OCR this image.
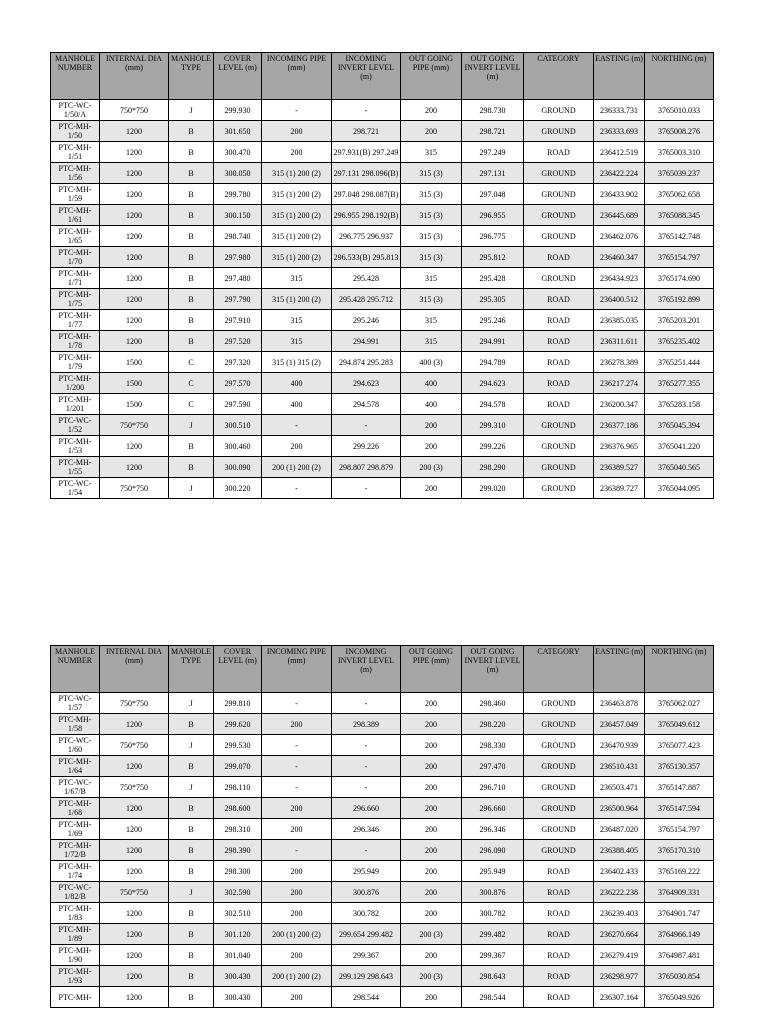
MANHOLE NUMBER	INTERNAL DIA (mm)	MANHOLE TYPE	COVER LEVEL (m)	INCOMING PIPE (mm)	INCOMING INVERT LEVEL (m)	OUT GOING PIPE (mm)	OUT GOING INVERT LEVEL (m)	CATEGORY	EASTING (m)	NORTHING (m)
PTC-WC-1/50/A	750*750	J	299.930	-	-	200	298.730	GROUND	236333.731	3765010.033
PTC-MH-1/50	1200	B	301.650	200	298.721	200	298.721	GROUND	236333.693	3765008.276
PTC-MH-1/51	1200	B	300.470	200	297.931(B) 297.249	315	297.249	ROAD	236412.519	3765003.310
PTC-MH-1/56	1200	B	300.050	315 (1) 200 (2)	297.131 298.096(B)	315 (3)	297.131	GROUND	236422.224	3765039.237
PTC-MH-1/59	1200	B	299.780	315 (1) 200 (2)	297.048 298.087(B)	315 (3)	297.048	GROUND	236433.902	3765062.658
PTC-MH-1/61	1200	B	300.150	315 (1) 200 (2)	296.955 298.192(B)	315 (3)	296.955	GROUND	236445.689	3765088.345
PTC-MH-1/65	1200	B	298.740	315 (1) 200 (2)	296.775 296.937	315 (3)	296.775	GROUND	236462.076	3765142.748
PTC-MH-1/70	1200	B	297.980	315 (1) 200 (2)	296.533(B) 295.813	315 (3)	295.812	ROAD	236460.347	3765154.797
PTC-MH-1/71	1200	B	297.480	315	295.428	315	295.428	GROUND	236434.923	3765174.690
PTC-MH-1/75	1200	B	297.790	315 (1) 200 (2)	295.428 295.712	315 (3)	295.305	ROAD	236400.512	3765192.899
PTC-MH-1/77	1200	B	297.910	315	295.246	315	295.246	ROAD	236385.035	3765203.201
PTC-MH-1/78	1200	B	297.520	315	294.991	315	294.991	ROAD	236311.611	3765235.402
PTC-MH-1/79	1500	C	297.320	315 (1) 315 (2)	294.874 295.283	400 (3)	294.789	ROAD	236278.389	3765251.444
PTC-MH-1/200	1500	C	297.570	400	294.623	400	294.623	ROAD	236217.274	3765277.355
PTC-MH-1/201	1500	C	297.590	400	294.578	400	294.578	ROAD	236200.347	3765283.158
PTC-WC-1/52	750*750	J	300.510	-	-	200	299.310	GROUND	236377.186	3765045.394
PTC-MH-1/53	1200	B	300.460	200	299.226	200	299.226	GROUND	236376.965	3765041.220
PTC-MH-1/55	1200	B	300.090	200 (1) 200 (2)	298.807 298.879	200 (3)	298.290	GROUND	236389.527	3765040.565
PTC-WC-1/54	750*750	J	300.220	-	-	200	299.020	GROUND	236389.727	3765044.095
MANHOLE NUMBER	INTERNAL DIA (mm)	MANHOLE TYPE	COVER LEVEL (m)	INCOMING PIPE (mm)	INCOMING INVERT LEVEL (m)	OUT GOING PIPE (mm)	OUT GOING INVERT LEVEL (m)	CATEGORY	EASTING (m)	NORTHING (m)
PTC-WC-1/57	750*750	J	299.810	-	-	200	298.460	GROUND	236463.878	3765062.027
PTC-MH-1/58	1200	B	299.620	200	298.389	200	298.220	GROUND	236457.049	3765049.612
PTC-WC-1/60	750*750	J	299.530	-	-	200	298.330	GROUND	236470.939	3765077.423
PTC-MH-1/64	1200	B	299.070	-	-	200	297.470	GROUND	236510.431	3765130.357
PTC-WC-1/67/B	750*750	J	298.110	-	-	200	296.710	GROUND	236503.471	3765147.887
PTC-MH-1/68	1200	B	298.600	200	296.660	200	296.660	GROUND	236500.964	3765147.594
PTC-MH-1/69	1200	B	298.310	200	296.346	200	296.346	GROUND	236487.020	3765154.797
PTC-MH-1/72/B	1200	B	298.390	-	-	200	296.090	GROUND	236388.405	3765170.310
PTC-MH-1/74	1200	B	298.300	200	295.949	200	295.949	ROAD	236402.433	3765169.222
PTC-WC-1/82/B	750*750	J	302.590	200	300.876	200	300.876	ROAD	236222.238	3764909.331
PTC-MH-1/83	1200	B	302.510	200	300.782	200	300.782	ROAD	236239.403	3764901.747
PTC-MH-1/89	1200	B	301.120	200 (1) 200 (2)	299.654 299.482	200 (3)	299.482	ROAD	236270.664	3764966.149
PTC-MH-1/90	1200	B	301.040	200	299.367	200	299.367	ROAD	236279.419	3764987.481
PTC-MH-1/93	1200	B	300.430	200 (1) 200 (2)	299.129 298.643	200 (3)	298.643	ROAD	236298.977	3765030.854
PTC-MH-	1200	B	300.430	200	298.544	200	298.544	ROAD	236307.164	3765049.926
